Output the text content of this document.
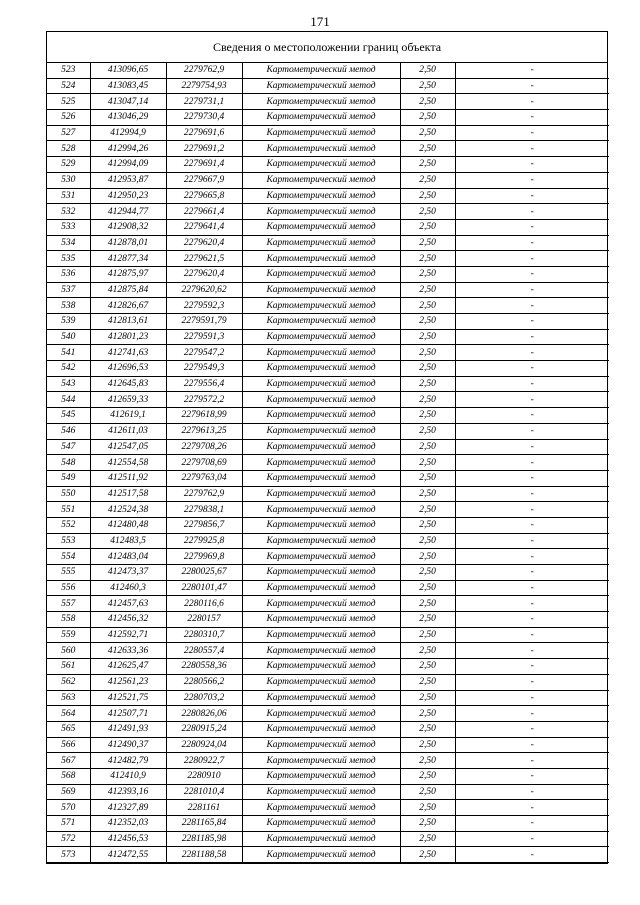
171
Сведения о местоположении границ объекта
523	413096,65	2279762,9	Картометрический метод	2,50	-
524	413083,45	2279754,93	Картометрический метод	2,50	-
525	413047,14	2279731,1	Картометрический метод	2,50	-
526	413046,29	2279730,4	Картометрический метод	2,50	-
527	412994,9	2279691,6	Картометрический метод	2,50	-
528	412994,26	2279691,2	Картометрический метод	2,50	-
529	412994,09	2279691,4	Картометрический метод	2,50	-
530	412953,87	2279667,9	Картометрический метод	2,50	-
531	412950,23	2279665,8	Картометрический метод	2,50	-
532	412944,77	2279661,4	Картометрический метод	2,50	-
533	412908,32	2279641,4	Картометрический метод	2,50	-
534	412878,01	2279620,4	Картометрический метод	2,50	-
535	412877,34	2279621,5	Картометрический метод	2,50	-
536	412875,97	2279620,4	Картометрический метод	2,50	-
537	412875,84	2279620,62	Картометрический метод	2,50	-
538	412826,67	2279592,3	Картометрический метод	2,50	-
539	412813,61	2279591,79	Картометрический метод	2,50	-
540	412801,23	2279591,3	Картометрический метод	2,50	-
541	412741,63	2279547,2	Картометрический метод	2,50	-
542	412696,53	2279549,3	Картометрический метод	2,50	-
543	412645,83	2279556,4	Картометрический метод	2,50	-
544	412659,33	2279572,2	Картометрический метод	2,50	-
545	412619,1	2279618,99	Картометрический метод	2,50	-
546	412611,03	2279613,25	Картометрический метод	2,50	-
547	412547,05	2279708,26	Картометрический метод	2,50	-
548	412554,58	2279708,69	Картометрический метод	2,50	-
549	412511,92	2279763,04	Картометрический метод	2,50	-
550	412517,58	2279762,9	Картометрический метод	2,50	-
551	412524,38	2279838,1	Картометрический метод	2,50	-
552	412480,48	2279856,7	Картометрический метод	2,50	-
553	412483,5	2279925,8	Картометрический метод	2,50	-
554	412483,04	2279969,8	Картометрический метод	2,50	-
555	412473,37	2280025,67	Картометрический метод	2,50	-
556	412460,3	2280101,47	Картометрический метод	2,50	-
557	412457,63	2280116,6	Картометрический метод	2,50	-
558	412456,32	2280157	Картометрический метод	2,50	-
559	412592,71	2280310,7	Картометрический метод	2,50	-
560	412633,36	2280557,4	Картометрический метод	2,50	-
561	412625,47	2280558,36	Картометрический метод	2,50	-
562	412561,23	2280566,2	Картометрический метод	2,50	-
563	412521,75	2280703,2	Картометрический метод	2,50	-
564	412507,71	2280826,06	Картометрический метод	2,50	-
565	412491,93	2280915,24	Картометрический метод	2,50	-
566	412490,37	2280924,04	Картометрический метод	2,50	-
567	412482,79	2280922,7	Картометрический метод	2,50	-
568	412410,9	2280910	Картометрический метод	2,50	-
569	412393,16	2281010,4	Картометрический метод	2,50	-
570	412327,89	2281161	Картометрический метод	2,50	-
571	412352,03	2281165,84	Картометрический метод	2,50	-
572	412456,53	2281185,98	Картометрический метод	2,50	-
573	412472,55	2281188,58	Картометрический метод	2,50	-
